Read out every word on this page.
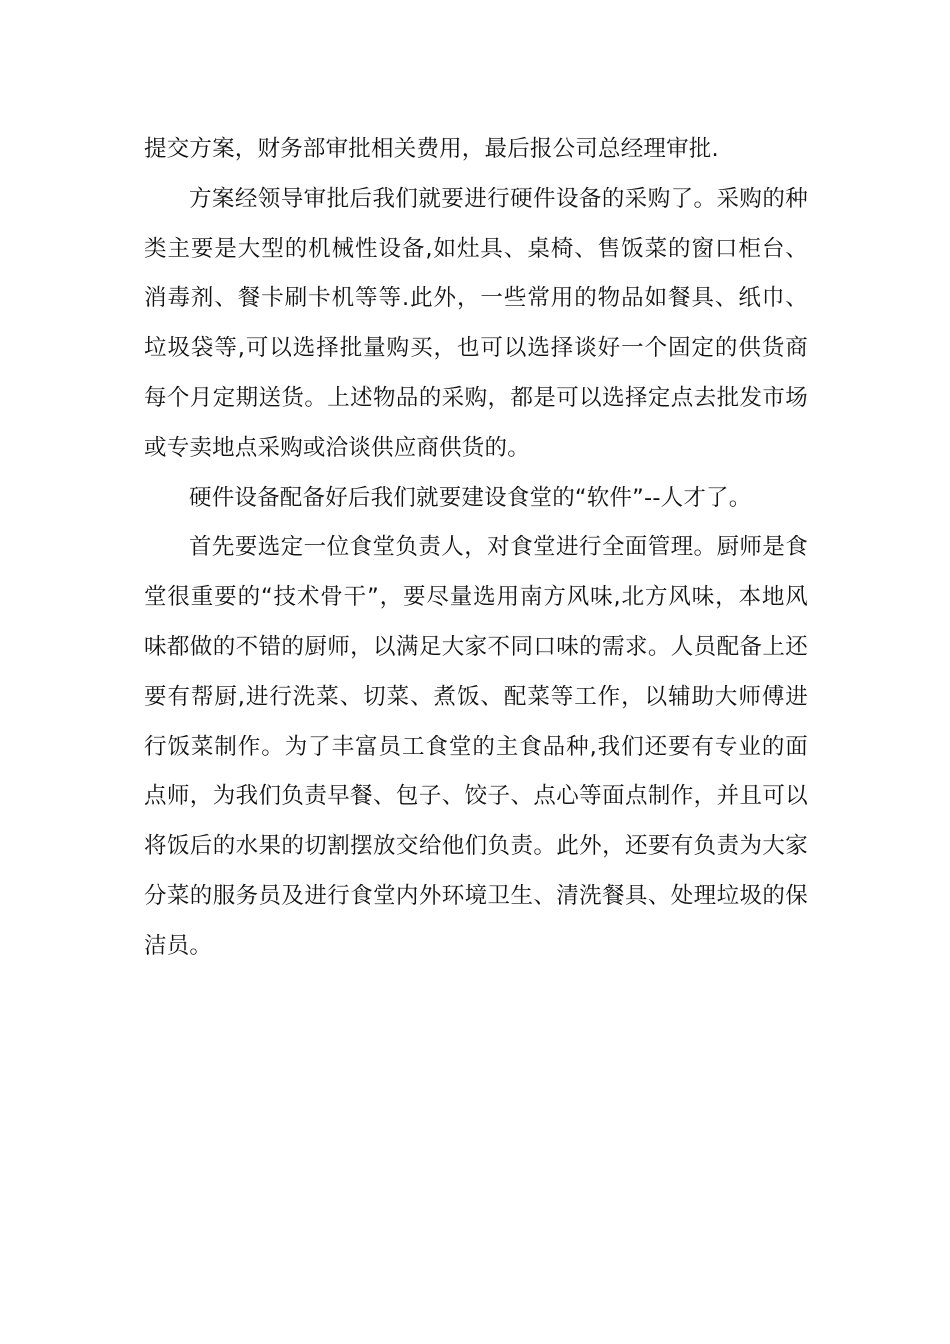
提交方案，财务部审批相关费用，最后报公司总经理审批.

方案经领导审批后我们就要进行硬件设备的采购了。采购的种类主要是大型的机械性设备,如灶具、桌椅、售饭菜的窗口柜台、消毒剂、餐卡刷卡机等等.此外，一些常用的物品如餐具、纸巾、垃圾袋等,可以选择批量购买，也可以选择谈好一个固定的供货商每个月定期送货。上述物品的采购，都是可以选择定点去批发市场或专卖地点采购或洽谈供应商供货的。

硬件设备配备好后我们就要建设食堂的“软件”--人才了。

首先要选定一位食堂负责人，对食堂进行全面管理。厨师是食堂很重要的“技术骨干”，要尽量选用南方风味,北方风味，本地风味都做的不错的厨师，以满足大家不同口味的需求。人员配备上还要有帮厨,进行洗菜、切菜、煮饭、配菜等工作，以辅助大师傅进行饭菜制作。为了丰富员工食堂的主食品种,我们还要有专业的面点师，为我们负责早餐、包子、饺子、点心等面点制作，并且可以将饭后的水果的切割摆放交给他们负责。此外，还要有负责为大家分菜的服务员及进行食堂内外环境卫生、清洗餐具、处理垃圾的保洁员。
